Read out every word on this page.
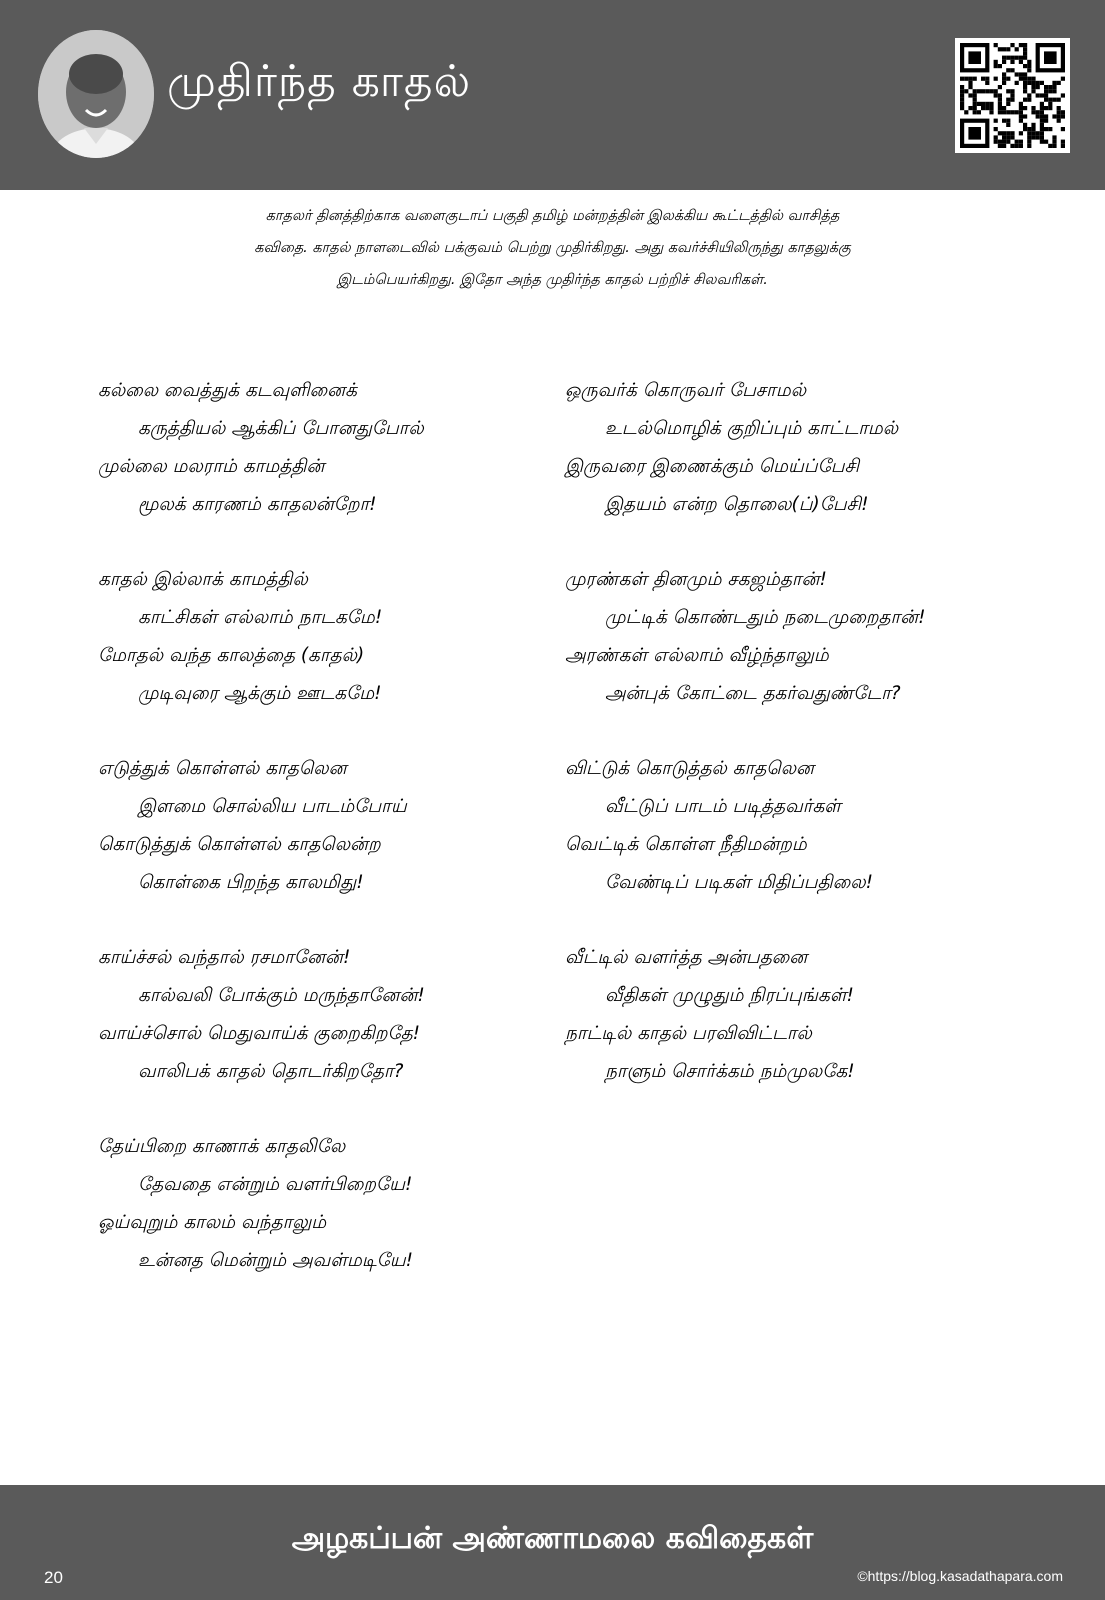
முதிர்ந்த காதல்
காதலர் தினத்திற்காக வளைகுடாப் பகுதி தமிழ் மன்றத்தின் இலக்கிய கூட்டத்தில் வாசித்த
கவிதை. காதல் நாளடைவில் பக்குவம் பெற்று முதிர்கிறது. அது கவர்ச்சியிலிருந்து காதலுக்கு
இடம்பெயர்கிறது. இதோ அந்த முதிர்ந்த காதல் பற்றிச் சிலவரிகள்.
கல்லை வைத்துக் கடவுளினைக்
கருத்தியல் ஆக்கிப் போனதுபோல்
முல்லை மலராம் காமத்தின்
மூலக் காரணம் காதலன்றோ!
காதல் இல்லாக் காமத்தில்
காட்சிகள் எல்லாம் நாடகமே!
மோதல் வந்த காலத்தை (காதல்)
முடிவுரை ஆக்கும் ஊடகமே!
எடுத்துக் கொள்ளல் காதலென
இளமை சொல்லிய பாடம்போய்
கொடுத்துக் கொள்ளல் காதலென்ற
கொள்கை பிறந்த காலமிது!
காய்ச்சல் வந்தால் ரசமானேன்!
கால்வலி போக்கும் மருந்தானேன்!
வாய்ச்சொல் மெதுவாய்க் குறைகிறதே!
வாலிபக் காதல் தொடர்கிறதோ?
தேய்பிறை காணாக் காதலிலே
தேவதை என்றும் வளர்பிறையே!
ஓய்வுறும் காலம் வந்தாலும்
உன்னத மென்றும் அவள்மடியே!
ஒருவர்க் கொருவர் பேசாமல்
உடல்மொழிக் குறிப்பும் காட்டாமல்
இருவரை இணைக்கும் மெய்ப்பேசி
இதயம் என்ற தொலை(ப்)பேசி!
முரண்கள் தினமும் சகஜம்தான்!
முட்டிக் கொண்டதும் நடைமுறைதான்!
அரண்கள் எல்லாம் வீழ்ந்தாலும்
அன்புக் கோட்டை தகர்வதுண்டோ?
விட்டுக் கொடுத்தல் காதலென
வீட்டுப் பாடம் படித்தவர்கள்
வெட்டிக் கொள்ள நீதிமன்றம்
வேண்டிப் படிகள் மிதிப்பதிலை!
வீட்டில் வளர்த்த அன்பதனை
வீதிகள் முழுதும் நிரப்புங்கள்!
நாட்டில் காதல் பரவிவிட்டால்
நாளும் சொர்க்கம் நம்முலகே!
அழகப்பன் அண்ணாமலை கவிதைகள்
20	©https://blog.kasadathapara.com
